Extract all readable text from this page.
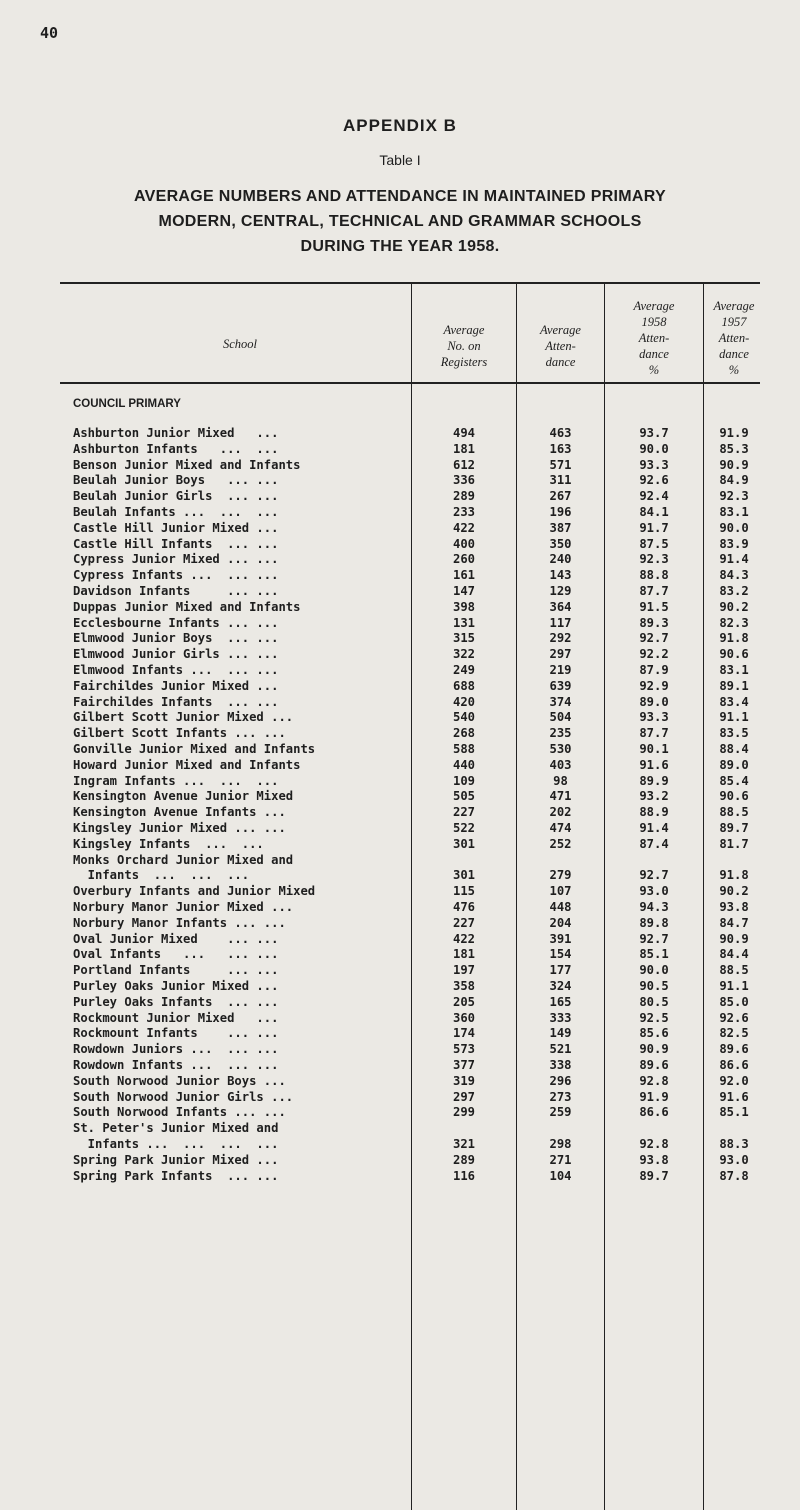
40
APPENDIX B
Table I
AVERAGE NUMBERS AND ATTENDANCE IN MAINTAINED PRIMARY
MODERN, CENTRAL, TECHNICAL AND GRAMMAR SCHOOLS
DURING THE YEAR 1958.
School
Average
No. on
Registers
Average
Atten-
dance
Average
1958
Atten-
dance
%
Average
1957
Atten-
dance
%
COUNCIL PRIMARY
Ashburton Junior Mixed   ...	494	463	93.7	91.9
Ashburton Infants   ...  ...	181	163	90.0	85.3
Benson Junior Mixed and Infants	612	571	93.3	90.9
Beulah Junior Boys   ... ...	336	311	92.6	84.9
Beulah Junior Girls  ... ...	289	267	92.4	92.3
Beulah Infants ...  ...  ...	233	196	84.1	83.1
Castle Hill Junior Mixed ...	422	387	91.7	90.0
Castle Hill Infants  ... ...	400	350	87.5	83.9
Cypress Junior Mixed ... ...	260	240	92.3	91.4
Cypress Infants ...  ... ...	161	143	88.8	84.3
Davidson Infants     ... ...	147	129	87.7	83.2
Duppas Junior Mixed and Infants	398	364	91.5	90.2
Ecclesbourne Infants ... ...	131	117	89.3	82.3
Elmwood Junior Boys  ... ...	315	292	92.7	91.8
Elmwood Junior Girls ... ...	322	297	92.2	90.6
Elmwood Infants ...  ... ...	249	219	87.9	83.1
Fairchildes Junior Mixed ...	688	639	92.9	89.1
Fairchildes Infants  ... ...	420	374	89.0	83.4
Gilbert Scott Junior Mixed ...	540	504	93.3	91.1
Gilbert Scott Infants ... ...	268	235	87.7	83.5
Gonville Junior Mixed and Infants	588	530	90.1	88.4
Howard Junior Mixed and Infants	440	403	91.6	89.0
Ingram Infants ...  ...  ...	109	98	89.9	85.4
Kensington Avenue Junior Mixed	505	471	93.2	90.6
Kensington Avenue Infants ...	227	202	88.9	88.5
Kingsley Junior Mixed ... ...	522	474	91.4	89.7
Kingsley Infants  ...  ...	301	252	87.4	81.7
Monks Orchard Junior Mixed and
Infants  ...  ...  ...	301	279	92.7	91.8
Overbury Infants and Junior Mixed	115	107	93.0	90.2
Norbury Manor Junior Mixed ...	476	448	94.3	93.8
Norbury Manor Infants ... ...	227	204	89.8	84.7
Oval Junior Mixed    ... ...	422	391	92.7	90.9
Oval Infants   ...   ... ...	181	154	85.1	84.4
Portland Infants     ... ...	197	177	90.0	88.5
Purley Oaks Junior Mixed ...	358	324	90.5	91.1
Purley Oaks Infants  ... ...	205	165	80.5	85.0
Rockmount Junior Mixed   ...	360	333	92.5	92.6
Rockmount Infants    ... ...	174	149	85.6	82.5
Rowdown Juniors ...  ... ...	573	521	90.9	89.6
Rowdown Infants ...  ... ...	377	338	89.6	86.6
South Norwood Junior Boys ...	319	296	92.8	92.0
South Norwood Junior Girls ...	297	273	91.9	91.6
South Norwood Infants ... ...	299	259	86.6	85.1
St. Peter's Junior Mixed and
Infants ...  ...  ...  ...	321	298	92.8	88.3
Spring Park Junior Mixed ...	289	271	93.8	93.0
Spring Park Infants  ... ...	116	104	89.7	87.8
